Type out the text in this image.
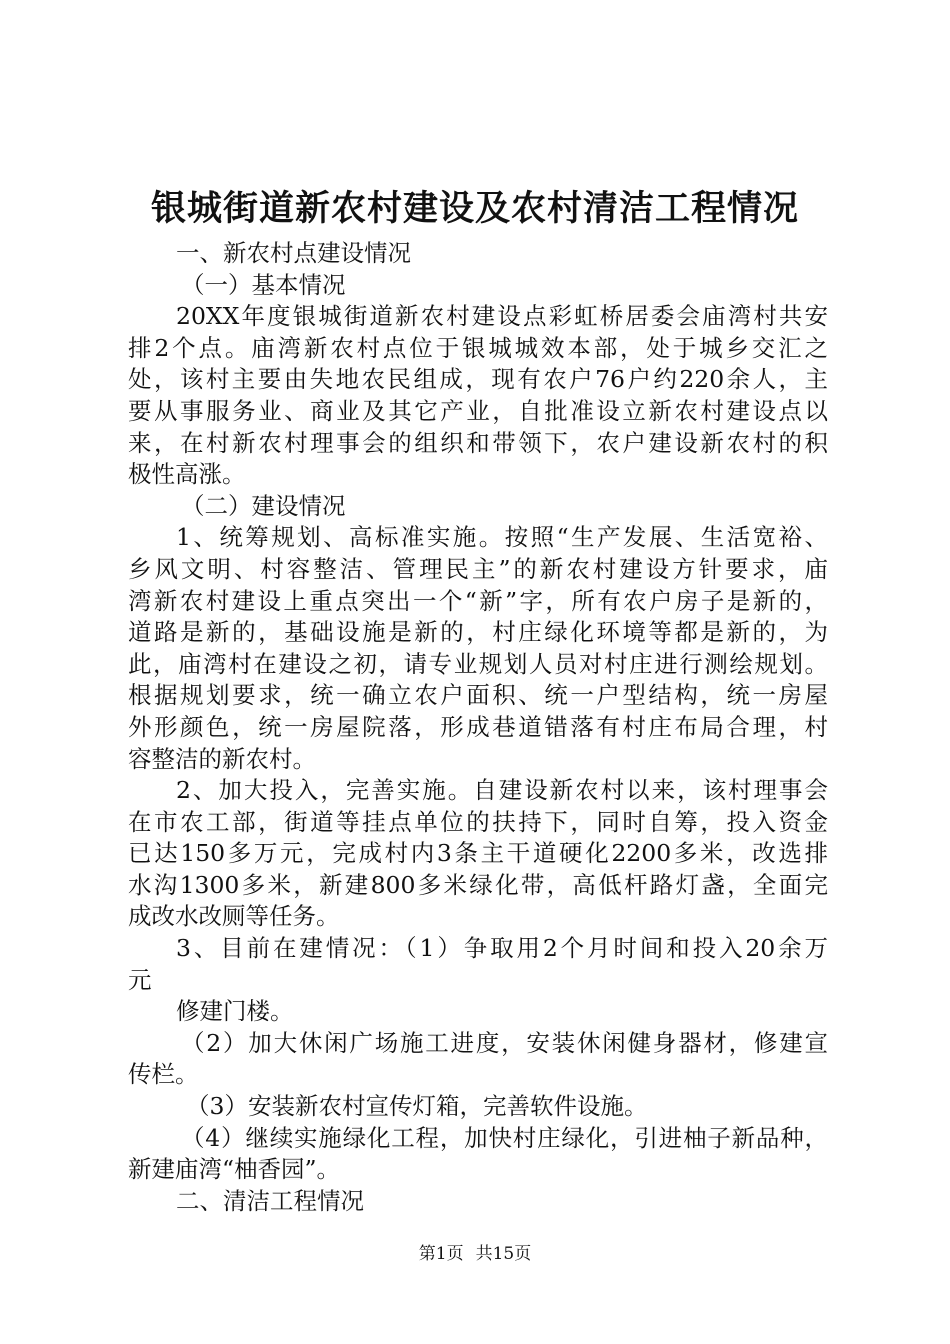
银城街道新农村建设及农村清洁工程情况
一、新农村点建设情况
（一）基本情况
20XX年度银城街道新农村建设点彩虹桥居委会庙湾村共安
排2个点。庙湾新农村点位于银城城效本部，处于城乡交汇之
处，该村主要由失地农民组成，现有农户76户约220余人，主
要从事服务业、商业及其它产业，自批准设立新农村建设点以
来，在村新农村理事会的组织和带领下，农户建设新农村的积
极性高涨。
（二）建设情况
1、统筹规划、高标准实施。按照“生产发展、生活宽裕、
乡风文明、村容整洁、管理民主”的新农村建设方针要求，庙
湾新农村建设上重点突出一个“新”字，所有农户房子是新的，
道路是新的，基础设施是新的，村庄绿化环境等都是新的，为
此，庙湾村在建设之初，请专业规划人员对村庄进行测绘规划。
根据规划要求，统一确立农户面积、统一户型结构，统一房屋
外形颜色，统一房屋院落，形成巷道错落有村庄布局合理，村
容整洁的新农村。
2、加大投入，完善实施。自建设新农村以来，该村理事会
在市农工部，街道等挂点单位的扶持下，同时自筹，投入资金
已达150多万元，完成村内3条主干道硬化2200多米，改选排
水沟1300多米，新建800多米绿化带，高低杆路灯盏，全面完
成改水改厕等任务。
3、目前在建情况：（1）争取用2个月时间和投入20余万
元
修建门楼。
（2）加大休闲广场施工进度，安装休闲健身器材，修建宣
传栏。
（3）安装新农村宣传灯箱，完善软件设施。
（4）继续实施绿化工程，加快村庄绿化，引进柚子新品种，
新建庙湾“柚香园”。
二、清洁工程情况
第1页 共15页
